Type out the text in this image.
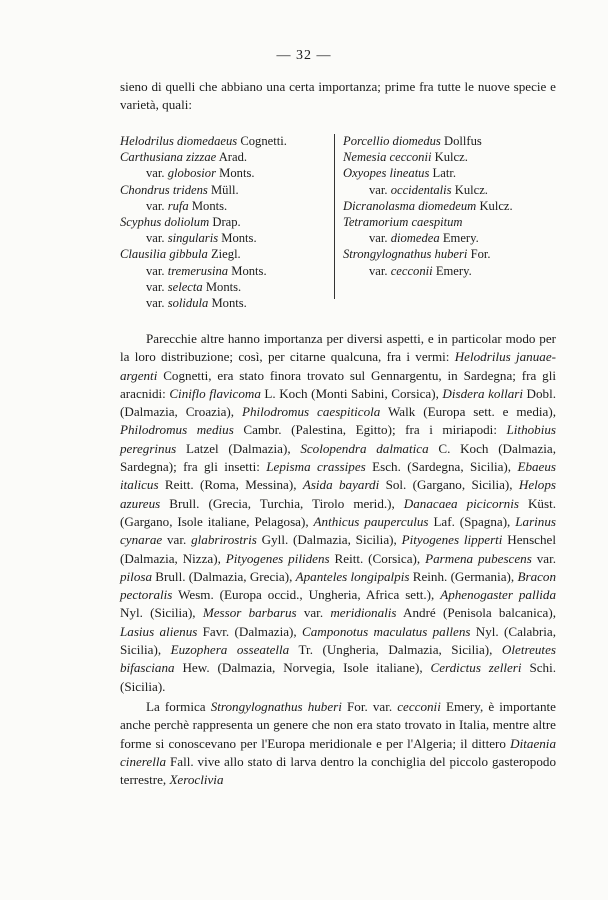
— 32 —

sieno di quelli che abbiano una certa importanza; prime fra tutte le nuove specie e varietà, quali:

Helodrilus diomedaeus Cognetti.
Carthusiana zizzae Arad.
var. globosior Monts.
Chondrus tridens Müll.
var. rufa Monts.
Scyphus doliolum Drap.
var. singularis Monts.
Clausilia gibbula Ziegl.
var. tremerusina Monts.
var. selecta Monts.
var. solidula Monts.
Porcellio diomedus Dollfus
Nemesia cecconii Kulcz.
Oxyopes lineatus Latr.
var. occidentalis Kulcz.
Dicranolasma diomedeum Kulcz.
Tetramorium caespitum
var. diomedea Emery.
Strongylognathus huberi For.
var. cecconii Emery.

Parecchie altre hanno importanza per diversi aspetti, e in particolar modo per la loro distribuzione; così, per citarne qualcuna, fra i vermi: Helodrilus januae-argenti Cognetti, era stato finora trovato sul Gennargentu, in Sardegna; fra gli aracnidi: Ciniflo flavicoma L. Koch (Monti Sabini, Corsica), Disdera kollari Dobl. (Dalmazia, Croazia), Philodromus caespiticola Walk (Europa sett. e media), Philodromus medius Cambr. (Palestina, Egitto); fra i miriapodi: Lithobius peregrinus Latzel (Dalmazia), Scolopendra dalmatica C. Koch (Dalmazia, Sardegna); fra gli insetti: Lepisma crassipes Esch. (Sardegna, Sicilia), Ebaeus italicus Reitt. (Roma, Messina), Asida bayardi Sol. (Gargano, Sicilia), Helops azureus Brull. (Grecia, Turchia, Tirolo merid.), Danacaea picicornis Küst. (Gargano, Isole italiane, Pelagosa), Anthicus pauperculus Laf. (Spagna), Larinus cynarae var. glabrirostris Gyll. (Dalmazia, Sicilia), Pityogenes lipperti Henschel (Dalmazia, Nizza), Pityogenes pilidens Reitt. (Corsica), Parmena pubescens var. pilosa Brull. (Dalmazia, Grecia), Apanteles longipalpis Reinh. (Germania), Bracon pectoralis Wesm. (Europa occid., Ungheria, Africa sett.), Aphenogaster pallida Nyl. (Sicilia), Messor barbarus var. meridionalis André (Penisola balcanica), Lasius alienus Favr. (Dalmazia), Camponotus maculatus pallens Nyl. (Calabria, Sicilia), Euzophera osseatella Tr. (Ungheria, Dalmazia, Sicilia), Oletreutes bifasciana Hew. (Dalmazia, Norvegia, Isole italiane), Cerdictus zelleri Schi. (Sicilia).

La formica Strongylognathus huberi For. var. cecconii Emery, è importante anche perchè rappresenta un genere che non era stato trovato in Italia, mentre altre forme si conoscevano per l'Europa meridionale e per l'Algeria; il dittero Ditaenia cinerella Fall. vive allo stato di larva dentro la conchiglia del piccolo gasteropodo terrestre, Xeroclivia
